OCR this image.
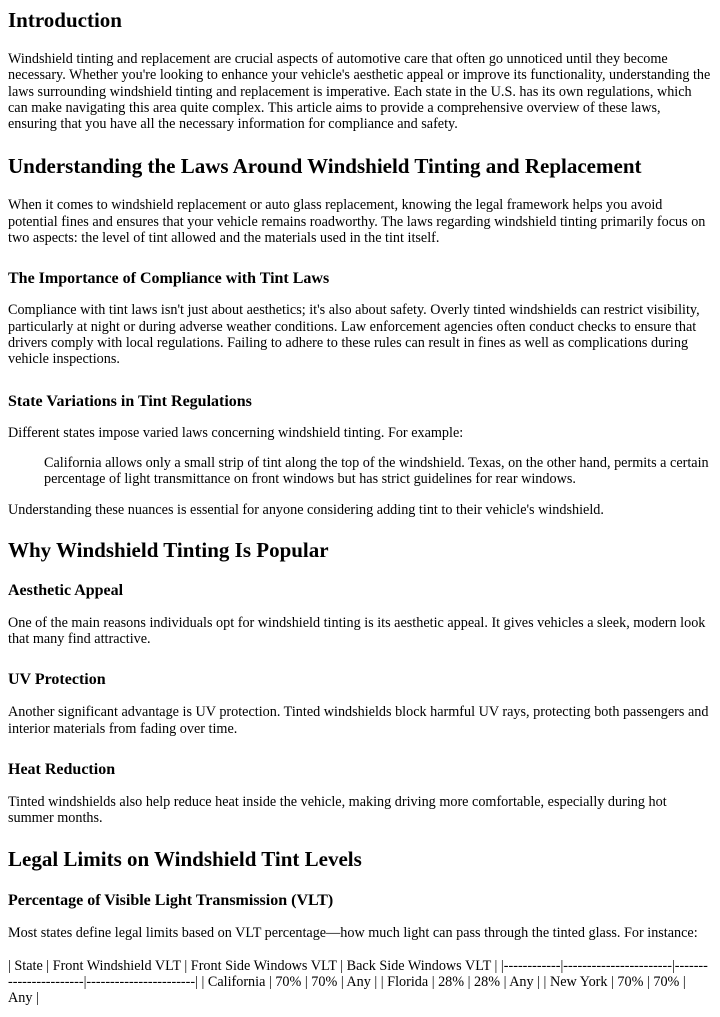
Introduction

Windshield tinting and replacement are crucial aspects of automotive care that often go unnoticed until they become necessary. Whether you're looking to enhance your vehicle's aesthetic appeal or improve its functionality, understanding the laws surrounding windshield tinting and replacement is imperative. Each state in the U.S. has its own regulations, which can make navigating this area quite complex. This article aims to provide a comprehensive overview of these laws, ensuring that you have all the necessary information for compliance and safety.

Understanding the Laws Around Windshield Tinting and Replacement

When it comes to windshield replacement or auto glass replacement, knowing the legal framework helps you avoid potential fines and ensures that your vehicle remains roadworthy. The laws regarding windshield tinting primarily focus on two aspects: the level of tint allowed and the materials used in the tint itself.

The Importance of Compliance with Tint Laws

Compliance with tint laws isn't just about aesthetics; it's also about safety. Overly tinted windshields can restrict visibility, particularly at night or during adverse weather conditions. Law enforcement agencies often conduct checks to ensure that drivers comply with local regulations. Failing to adhere to these rules can result in fines as well as complications during vehicle inspections.

State Variations in Tint Regulations

Different states impose varied laws concerning windshield tinting. For example:

California allows only a small strip of tint along the top of the windshield. Texas, on the other hand, permits a certain percentage of light transmittance on front windows but has strict guidelines for rear windows.

Understanding these nuances is essential for anyone considering adding tint to their vehicle's windshield.

Why Windshield Tinting Is Popular
Aesthetic Appeal

One of the main reasons individuals opt for windshield tinting is its aesthetic appeal. It gives vehicles a sleek, modern look that many find attractive.

UV Protection

Another significant advantage is UV protection. Tinted windshields block harmful UV rays, protecting both passengers and interior materials from fading over time.

Heat Reduction

Tinted windshields also help reduce heat inside the vehicle, making driving more comfortable, especially during hot summer months.

Legal Limits on Windshield Tint Levels
Percentage of Visible Light Transmission (VLT)

Most states define legal limits based on VLT percentage—how much light can pass through the tinted glass. For instance:

| State | Front Windshield VLT | Front Side Windows VLT | Back Side Windows VLT | |------------|-----------------------|-----------------------|-----------------------| | California | 70% | 70% | Any | | Florida | 28% | 28% | Any | | New York | 70% | 70% | Any |
